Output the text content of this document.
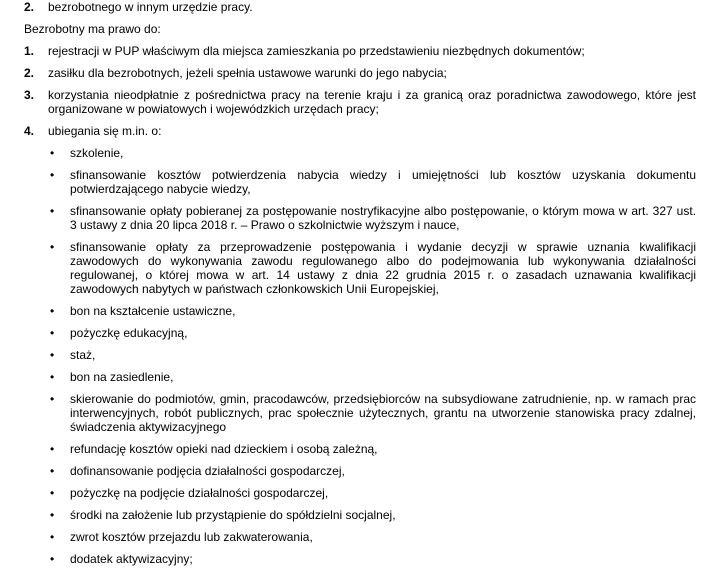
2. bezrobotnego w innym urzędzie pracy.
Bezrobotny ma prawo do:
1. rejestracji w PUP właściwym dla miejsca zamieszkania po przedstawieniu niezbędnych dokumentów;
2. zasiłku dla bezrobotnych, jeżeli spełnia ustawowe warunki do jego nabycia;
3. korzystania nieodpłatnie z pośrednictwa pracy na terenie kraju i za granicą oraz poradnictwa zawodowego, które jest organizowane w powiatowych i wojewódzkich urzędach pracy;
4. ubiegania się m.in. o:
• szkolenie,
• sfinansowanie kosztów potwierdzenia nabycia wiedzy i umiejętności lub kosztów uzyskania dokumentu potwierdzającego nabycie wiedzy,
• sfinansowanie opłaty pobieranej za postępowanie nostryfikacyjne albo postępowanie, o którym mowa w art. 327 ust. 3 ustawy z dnia 20 lipca 2018 r. – Prawo o szkolnictwie wyższym i nauce,
• sfinansowanie opłaty za przeprowadzenie postępowania i wydanie decyzji w sprawie uznania kwalifikacji zawodowych do wykonywania zawodu regulowanego albo do podejmowania lub wykonywania działalności regulowanej, o której mowa w art. 14 ustawy z dnia 22 grudnia 2015 r. o zasadach uznawania kwalifikacji zawodowych nabytych w państwach członkowskich Unii Europejskiej,
• bon na kształcenie ustawiczne,
• pożyczkę edukacyjną,
• staż,
• bon na zasiedlenie,
• skierowanie do podmiotów, gmin, pracodawców, przedsiębiorców na subsydiowane zatrudnienie, np. w ramach prac interwencyjnych, robót publicznych, prac społecznie użytecznych, grantu na utworzenie stanowiska pracy zdalnej, świadczenia aktywizacyjnego
• refundację kosztów opieki nad dzieckiem i osobą zależną,
• dofinansowanie podjęcia działalności gospodarczej,
• pożyczkę na podjęcie działalności gospodarczej,
• środki na założenie lub przystąpienie do spółdzielni socjalnej,
• zwrot kosztów przejazdu lub zakwaterowania,
• dodatek aktywizacyjny;
